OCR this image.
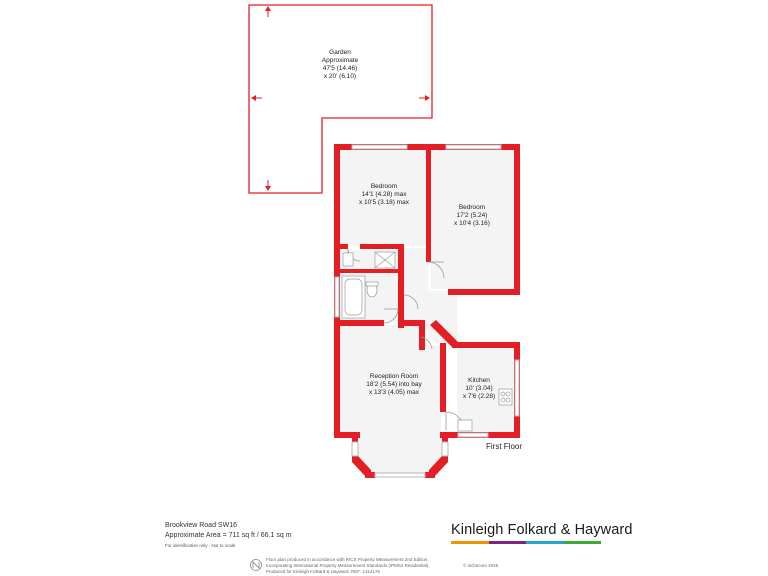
Garden
Approximate
47'5 (14.46)
x 20' (6.10)
Bedroom
14'1 (4.28) max
x 10'5 (3.18) max
Bedroom
17'2 (5.24)
x 10'4 (3.16)
Reception Room
18'2 (5.54) into bay
x 13'3 (4.05) max
Kitchen
10' (3.04)
x 7'6 (2.28)
First Floor
Brookview Road SW16
Approximate Area = 711 sq ft / 66.1 sq m
For identification only - Not to scale
Kinleigh Folkard & Hayward
Floor plan produced in accordance with RICS Property Measurement 2nd Edition,
Incorporating International Property Measurement Standards (IPMS2 Residential).
Produced for Kinleigh Folkard & Hayward. REF: 1314176
© nichecom 2025.
